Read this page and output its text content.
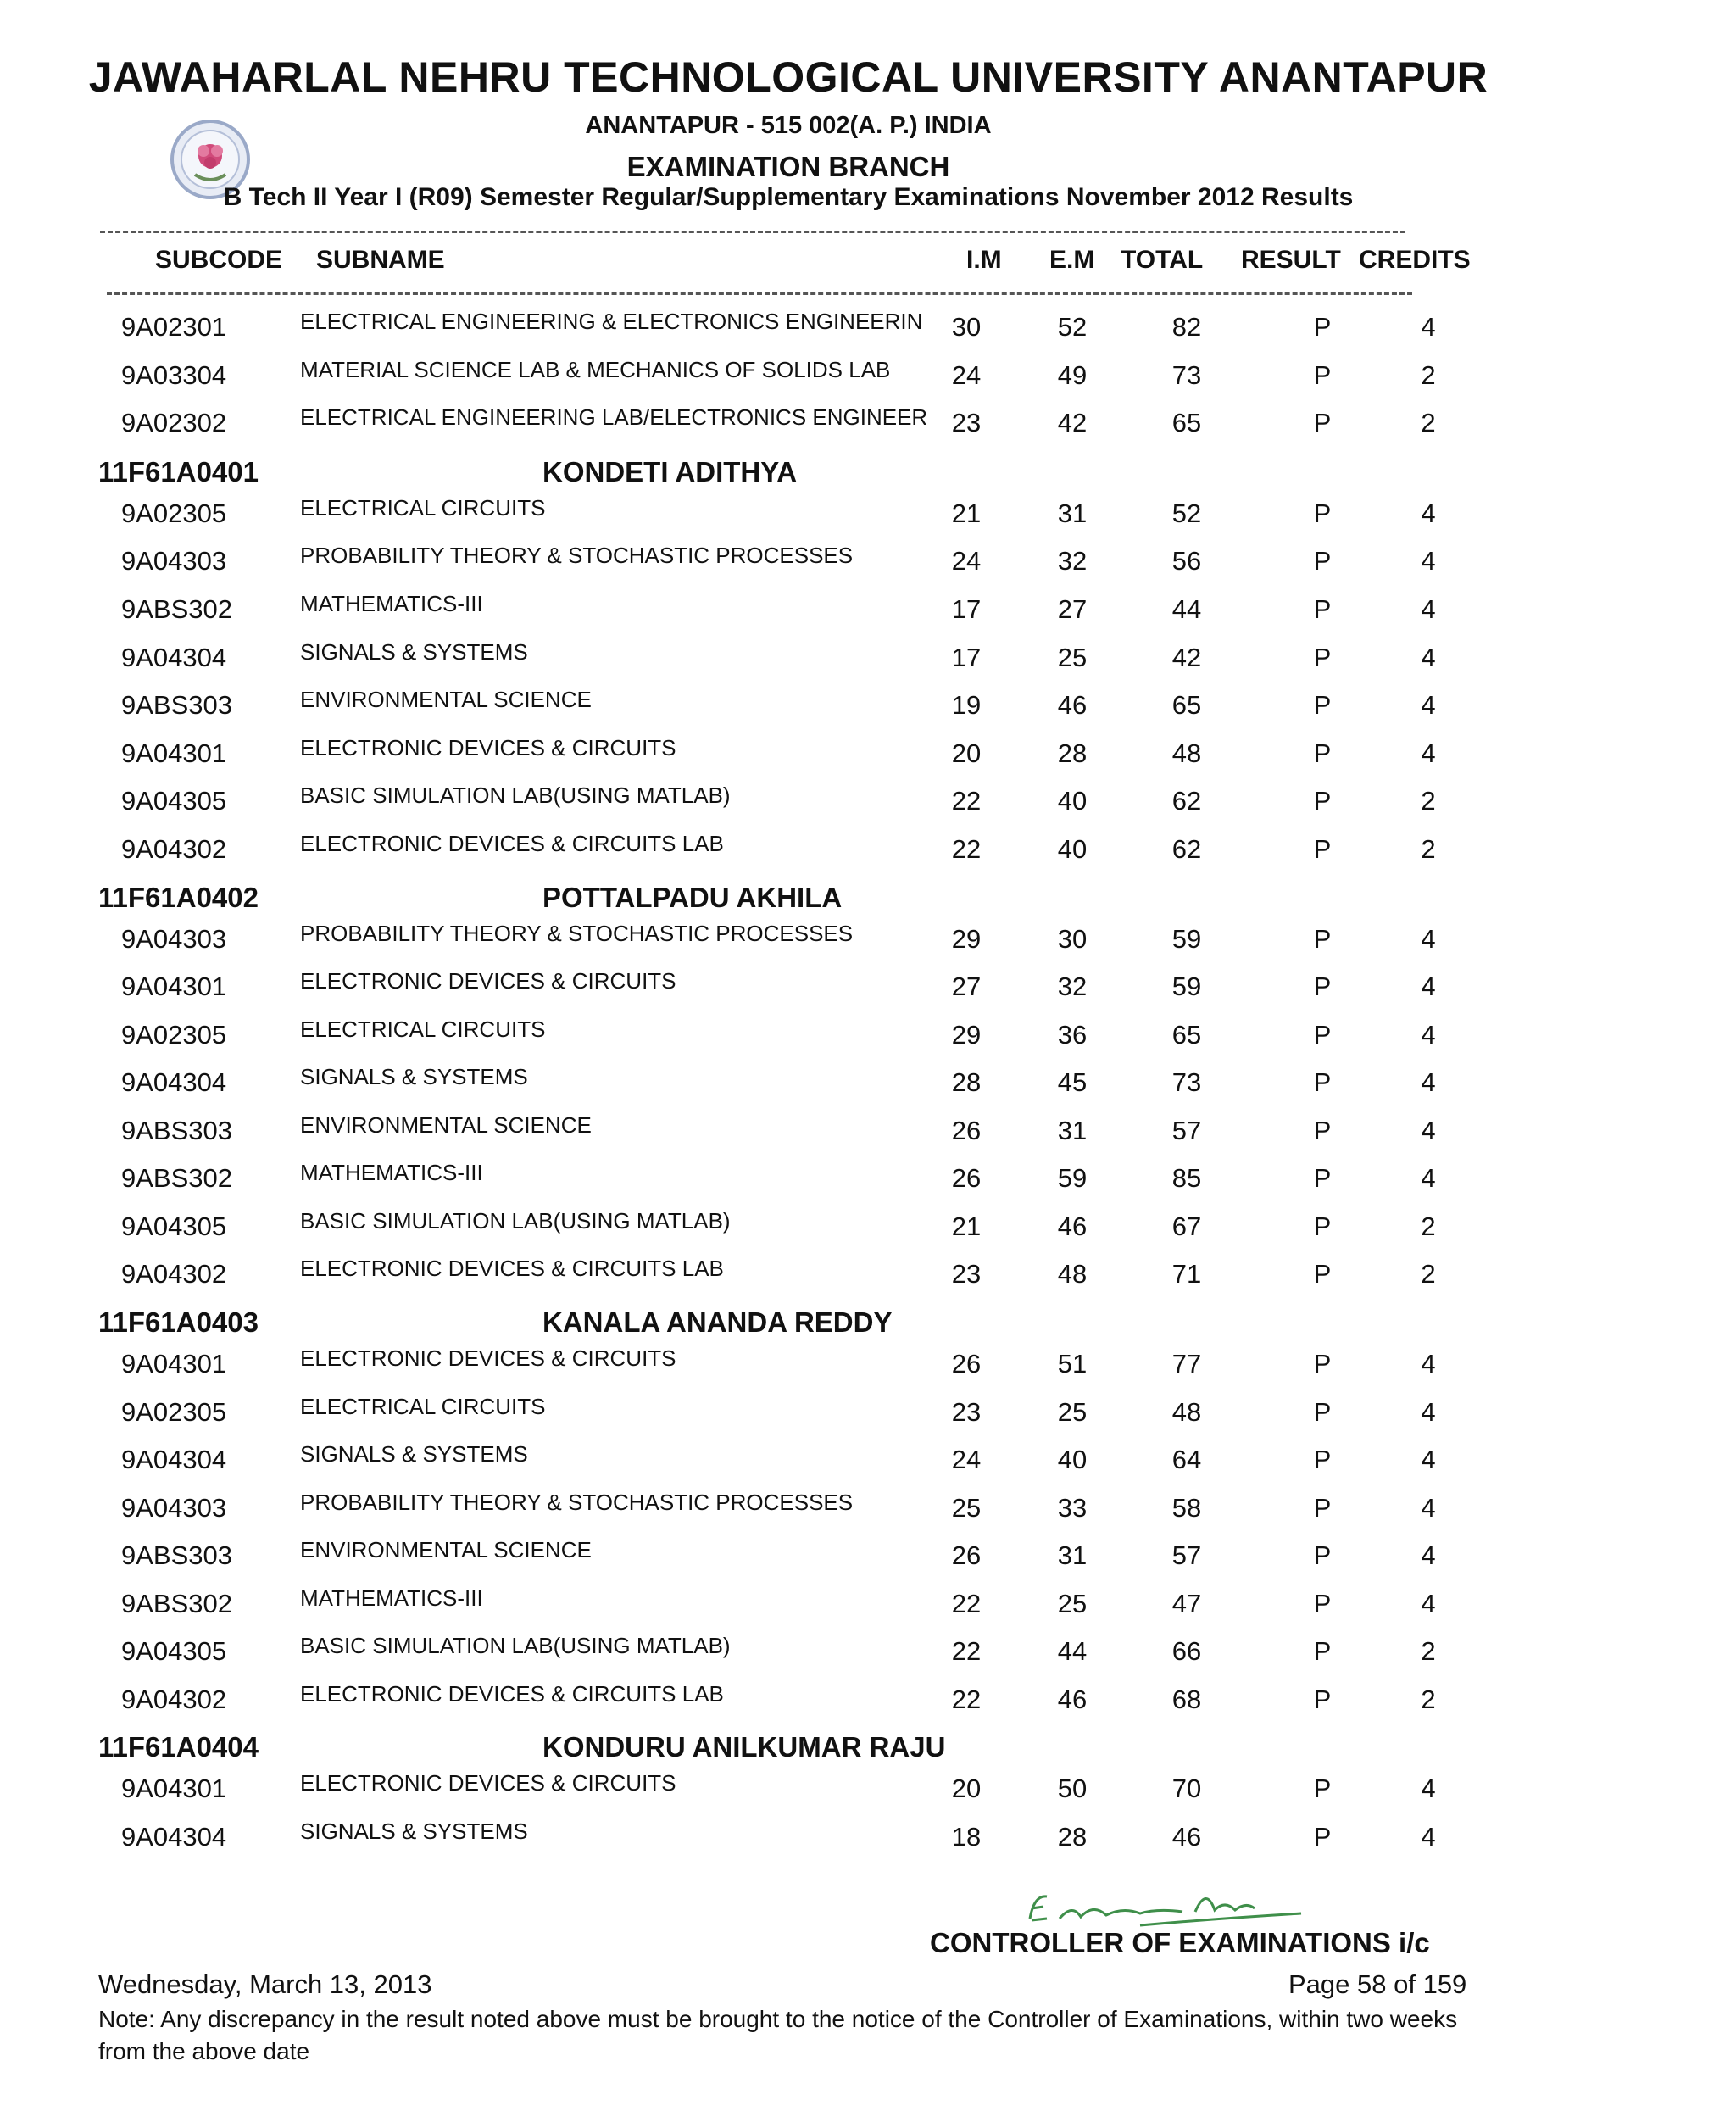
JAWAHARLAL NEHRU TECHNOLOGICAL UNIVERSITY ANANTAPUR
ANANTAPUR - 515 002(A. P.) INDIA
EXAMINATION BRANCH
B Tech II Year I (R09) Semester Regular/Supplementary Examinations November 2012 Results
SUBCODE SUBNAME	I.M E.M TOTAL RESULT CREDITS
9A02301	ELECTRICAL ENGINEERING & ELECTRONICS ENGINEERIN	30	52	82	P	4
9A03304	MATERIAL SCIENCE LAB & MECHANICS OF SOLIDS LAB	24	49	73	P	2
9A02302	ELECTRICAL ENGINEERING LAB/ELECTRONICS ENGINEER 23	42	65	P	2
11F61A0401	KONDETI ADITHYA
9A02305	ELECTRICAL CIRCUITS	21	31	52	P	4
9A04303	PROBABILITY THEORY & STOCHASTIC PROCESSES	24	32	56	P	4
9ABS302	MATHEMATICS-III	17	27	44	P	4
9A04304	SIGNALS & SYSTEMS	17	25	42	P	4
9ABS303	ENVIRONMENTAL SCIENCE	19	46	65	P	4
9A04301	ELECTRONIC DEVICES & CIRCUITS	20	28	48	P	4
9A04305	BASIC SIMULATION LAB(USING MATLAB)	22	40	62	P	2
9A04302	ELECTRONIC DEVICES & CIRCUITS LAB	22	40	62	P	2
11F61A0402	POTTALPADU AKHILA
9A04303	PROBABILITY THEORY & STOCHASTIC PROCESSES	29	30	59	P	4
9A04301	ELECTRONIC DEVICES & CIRCUITS	27	32	59	P	4
9A02305	ELECTRICAL CIRCUITS	29	36	65	P	4
9A04304	SIGNALS & SYSTEMS	28	45	73	P	4
9ABS303	ENVIRONMENTAL SCIENCE	26	31	57	P	4
9ABS302	MATHEMATICS-III	26	59	85	P	4
9A04305	BASIC SIMULATION LAB(USING MATLAB)	21	46	67	P	2
9A04302	ELECTRONIC DEVICES & CIRCUITS LAB	23	48	71	P	2
11F61A0403	KANALA ANANDA REDDY
9A04301	ELECTRONIC DEVICES & CIRCUITS	26	51	77	P	4
9A02305	ELECTRICAL CIRCUITS	23	25	48	P	4
9A04304	SIGNALS & SYSTEMS	24	40	64	P	4
9A04303	PROBABILITY THEORY & STOCHASTIC PROCESSES	25	33	58	P	4
9ABS303	ENVIRONMENTAL SCIENCE	26	31	57	P	4
9ABS302	MATHEMATICS-III	22	25	47	P	4
9A04305	BASIC SIMULATION LAB(USING MATLAB)	22	44	66	P	2
9A04302	ELECTRONIC DEVICES & CIRCUITS LAB	22	46	68	P	2
11F61A0404	KONDURU ANILKUMAR RAJU
9A04301	ELECTRONIC DEVICES & CIRCUITS	20	50	70	P	4
9A04304	SIGNALS & SYSTEMS	18	28	46	P	4
CONTROLLER OF EXAMINATIONS i/c
Wednesday, March 13, 2013	Page 58 of 159
Note: Any discrepancy in the result noted above must be brought to the notice of the Controller of Examinations, within two weeks from the above date
